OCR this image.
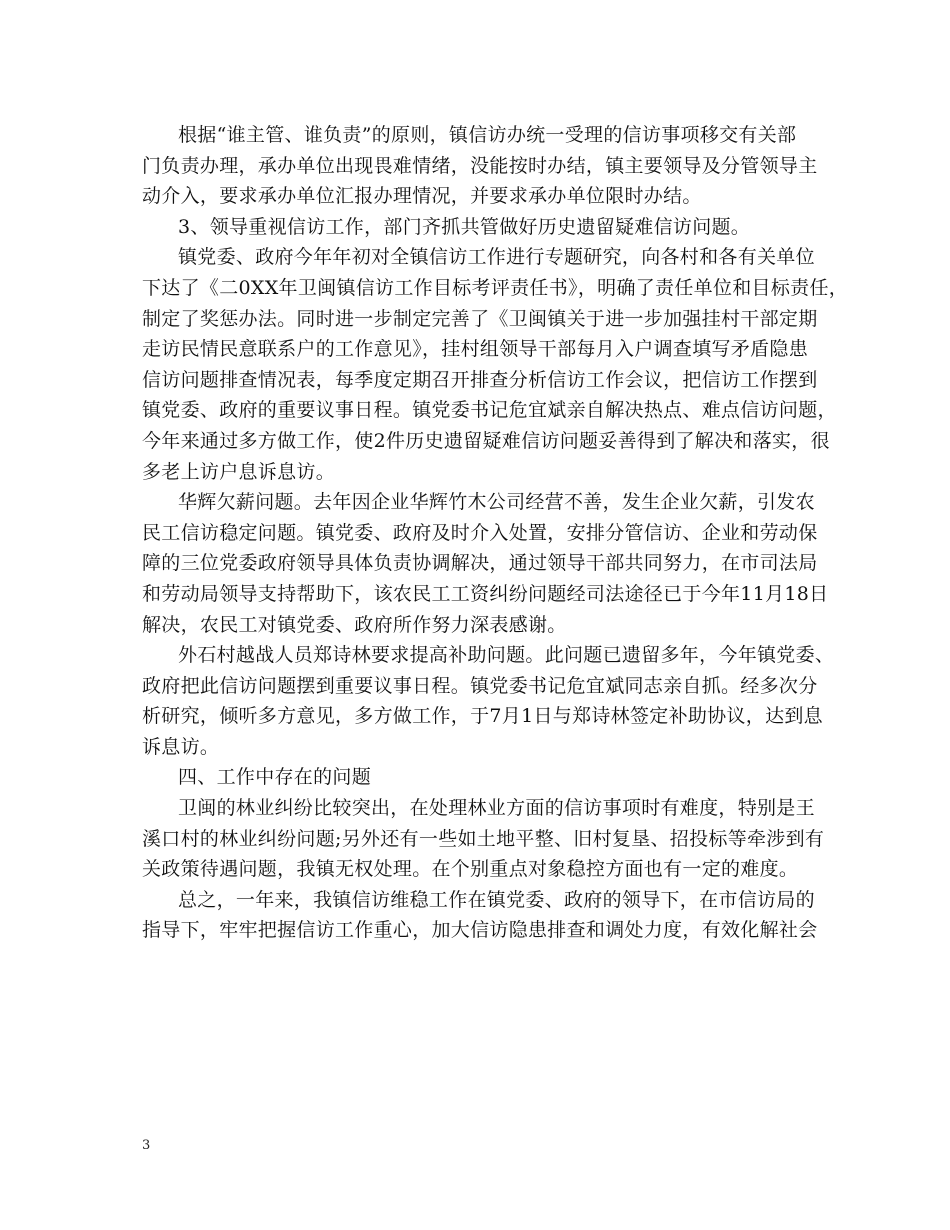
根据“谁主管、谁负责”的原则，镇信访办统一受理的信访事项移交有关部
门负责办理，承办单位出现畏难情绪，没能按时办结，镇主要领导及分管领导主
动介入，要求承办单位汇报办理情况，并要求承办单位限时办结。

3、领导重视信访工作，部门齐抓共管做好历史遗留疑难信访问题。

镇党委、政府今年年初对全镇信访工作进行专题研究，向各村和各有关单位
下达了《二0XX年卫闽镇信访工作目标考评责任书》，明确了责任单位和目标责任，
制定了奖惩办法。同时进一步制定完善了《卫闽镇关于进一步加强挂村干部定期
走访民情民意联系户的工作意见》，挂村组领导干部每月入户调查填写矛盾隐患
信访问题排查情况表，每季度定期召开排查分析信访工作会议，把信访工作摆到
镇党委、政府的重要议事日程。镇党委书记危宜斌亲自解决热点、难点信访问题，
今年来通过多方做工作，使2件历史遗留疑难信访问题妥善得到了解决和落实，很
多老上访户息诉息访。

华辉欠薪问题。去年因企业华辉竹木公司经营不善，发生企业欠薪，引发农
民工信访稳定问题。镇党委、政府及时介入处置，安排分管信访、企业和劳动保
障的三位党委政府领导具体负责协调解决，通过领导干部共同努力，在市司法局
和劳动局领导支持帮助下，该农民工工资纠纷问题经司法途径已于今年11月18日
解决，农民工对镇党委、政府所作努力深表感谢。

外石村越战人员郑诗林要求提高补助问题。此问题已遗留多年，今年镇党委、
政府把此信访问题摆到重要议事日程。镇党委书记危宜斌同志亲自抓。经多次分
析研究，倾听多方意见，多方做工作，于7月1日与郑诗林签定补助协议，达到息
诉息访。

四、工作中存在的问题

卫闽的林业纠纷比较突出，在处理林业方面的信访事项时有难度，特别是王
溪口村的林业纠纷问题;另外还有一些如土地平整、旧村复垦、招投标等牵涉到有
关政策待遇问题，我镇无权处理。在个别重点对象稳控方面也有一定的难度。

总之，一年来，我镇信访维稳工作在镇党委、政府的领导下，在市信访局的
指导下，牢牢把握信访工作重心，加大信访隐患排查和调处力度，有效化解社会

3
